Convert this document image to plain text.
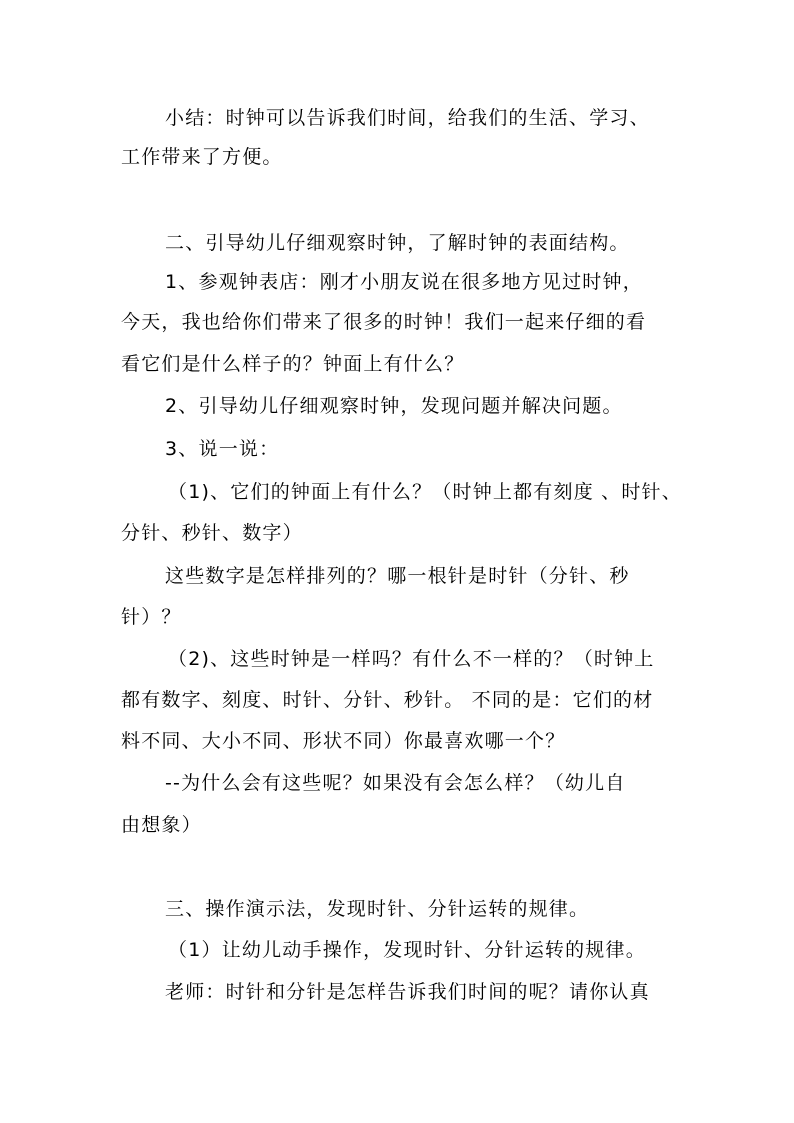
小结：时钟可以告诉我们时间，给我们的生活、学习、
工作带来了方便。
二、引导幼儿仔细观察时钟，了解时钟的表面结构。
1、参观钟表店：刚才小朋友说在很多地方见过时钟，
今天，我也给你们带来了很多的时钟！我们一起来仔细的看
看它们是什么样子的？钟面上有什么？
2、引导幼儿仔细观察时钟，发现问题并解决问题。
3、说一说：
（1)、它们的钟面上有什么？（时钟上都有刻度 、时针、
分针、秒针、数字）
这些数字是怎样排列的？哪一根针是时针（分针、秒
针）？
（2)、这些时钟是一样吗？有什么不一样的？（时钟上
都有数字、刻度、时针、分针、秒针。 不同的是：它们的材
料不同、大小不同、形状不同）你最喜欢哪一个？
--为什么会有这些呢？如果没有会怎么样？（幼儿自
由想象）
三、操作演示法，发现时针、分针运转的规律。
（1）让幼儿动手操作，发现时针、分针运转的规律。
老师：时针和分针是怎样告诉我们时间的呢？请你认真
